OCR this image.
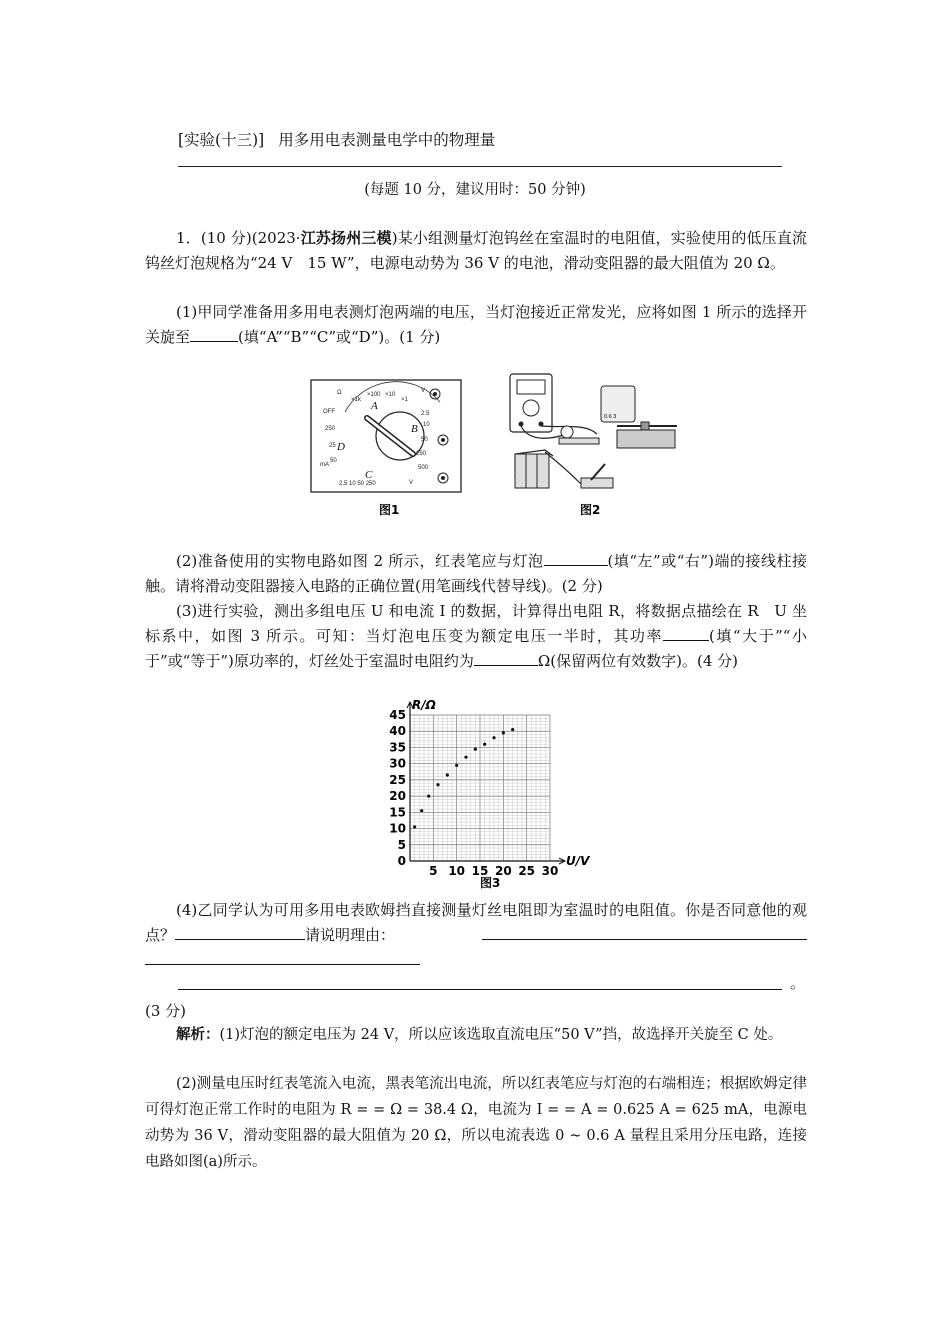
[实验(十三)] 用多用电表测量电学中的物理量
(每题 10 分，建议用时：50 分钟)
1．(10 分)(2023·江苏扬州三模)某小组测量灯泡钨丝在室温时的电阻值，实验使用的低压直流钨丝灯泡规格为“24 V　15 W”，电源电动势为 36 V 的电池，滑动变阻器的最大阻值为 20 Ω。
(1)甲同学准备用多用电表测灯泡两端的电压，当灯泡接近正常发光，应将如图 1 所示的选择开关旋至	(填“A”“B”“C”或“D”)。(1 分)
Ω
×1k
×100 ×10
×1
OFF
250
25
50
mA
2.5 10 50 250	V
2.5
10
50
250
500
V
A
B
C
D
图1
0.6 3
图2
(2)准备使用的实物电路如图 2 所示，红表笔应与灯泡	(填“左”或“右”)端的接线柱接触。请将滑动变阻器接入电路的正确位置(用笔画线代替导线)。(2 分)
(3)进行实验，测出多组电压 U 和电流 I 的数据，计算得出电阻 R，将数据点描绘在 R　U 坐标系中，如图 3 所示。可知：当灯泡电压变为额定电压一半时，其功率	(填“大于”“小于”或“等于”)原功率的，灯丝处于室温时电阻约为	Ω(保留两位有效数字)。(4 分)
0
5
10
15
20
25
30
35
40
45
5 10 15 20 25 30
R/Ω
U/V
图3
(4)乙同学认为可用多用电表欧姆挡直接测量灯丝电阻即为室温时的电阻值。你是否同意他的观点？	请说明理由：
。
(3 分)
解析：(1)灯泡的额定电压为 24 V，所以应该选取直流电压“50 V”挡，故选择开关旋至 C 处。
(2)测量电压时红表笔流入电流，黑表笔流出电流，所以红表笔应与灯泡的右端相连；根据欧姆定律可得灯泡正常工作时的电阻为 R = = Ω = 38.4 Ω，电流为 I = = A = 0.625 A = 625 mA，电源电动势为 36 V，滑动变阻器的最大阻值为 20 Ω，所以电流表选 0 ~ 0.6 A 量程且采用分压电路，连接电路如图(a)所示。
